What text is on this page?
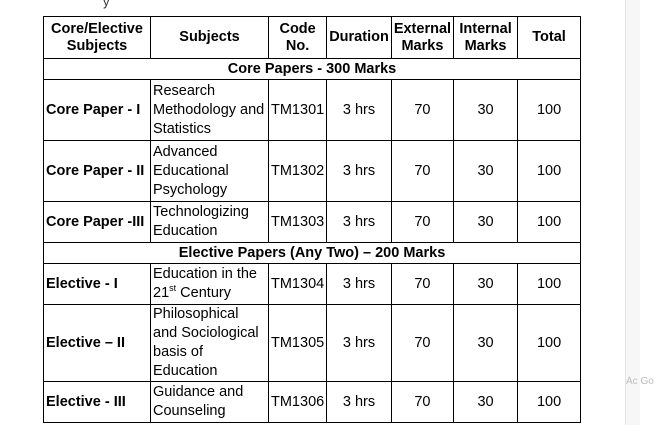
y
Core/Elective Subjects	Subjects	Code No.	Duration	External Marks	Internal Marks	Total
Core Papers - 300 Marks						
Core Paper - I	Research Methodology and Statistics	TM1301	3 hrs	70	30	100
Core Paper - II	Advanced Educational Psychology	TM1302	3 hrs	70	30	100
Core Paper -III	Technologizing Education	TM1303	3 hrs	70	30	100
Elective Papers (Any Two) – 200 Marks						
Elective - I	Education in the 21st Century	TM1304	3 hrs	70	30	100
Elective – II	Philosophical and Sociological basis of Education	TM1305	3 hrs	70	30	100
Elective - III	Guidance and Counseling	TM1306	3 hrs	70	30	100
Ac Go
